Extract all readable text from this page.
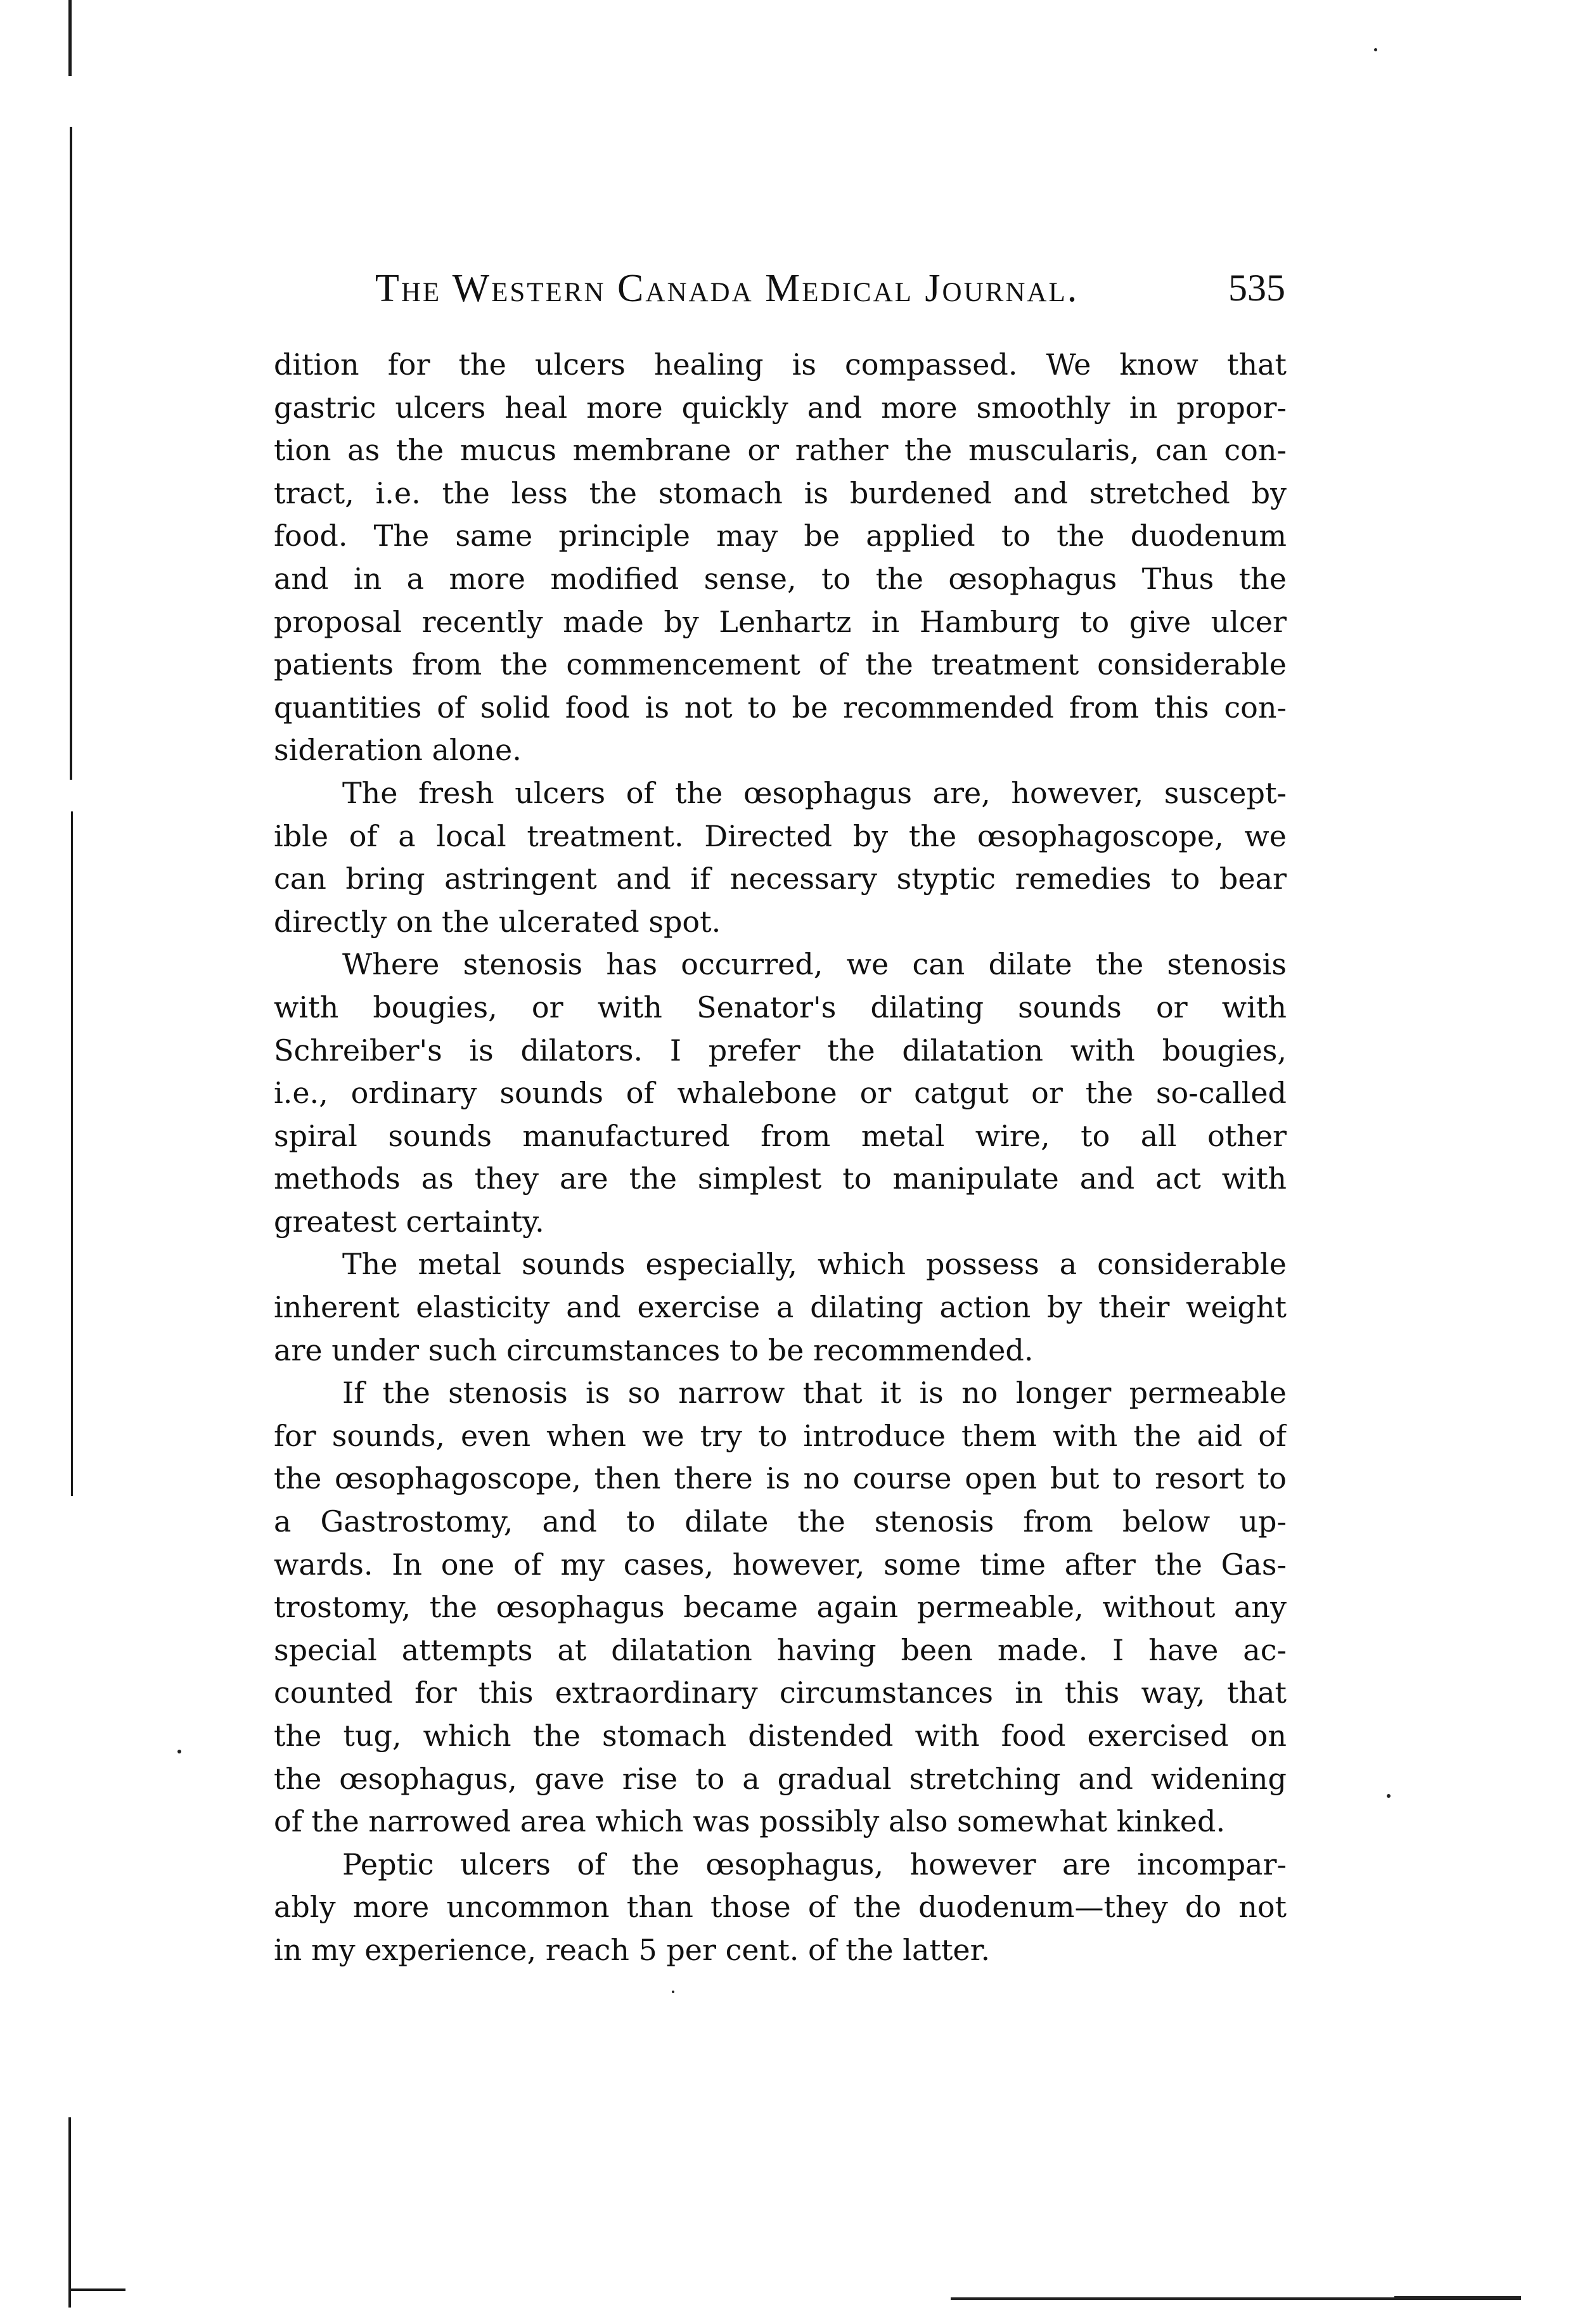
The Western Canada Medical Journal.	535
dition for the ulcers healing is compassed. We know that
gastric ulcers heal more quickly and more smoothly in propor-
tion as the mucus membrane or rather the muscularis, can con-
tract, i.e. the less the stomach is burdened and stretched by
food. The same principle may be applied to the duodenum
and in a more modified sense, to the œsophagus Thus the
proposal recently made by Lenhartz in Hamburg to give ulcer
patients from the commencement of the treatment considerable
quantities of solid food is not to be recommended from this con-
sideration alone.
The fresh ulcers of the œsophagus are, however, suscept-
ible of a local treatment. Directed by the œsophagoscope, we
can bring astringent and if necessary styptic remedies to bear
directly on the ulcerated spot.
Where stenosis has occurred, we can dilate the stenosis
with bougies, or with Senator's dilating sounds or with
Schreiber's is dilators. I prefer the dilatation with bougies,
i.e., ordinary sounds of whalebone or catgut or the so-called
spiral sounds manufactured from metal wire, to all other
methods as they are the simplest to manipulate and act with
greatest certainty.
The metal sounds especially, which possess a considerable
inherent elasticity and exercise a dilating action by their weight
are under such circumstances to be recommended.
If the stenosis is so narrow that it is no longer permeable
for sounds, even when we try to introduce them with the aid of
the œsophagoscope, then there is no course open but to resort to
a Gastrostomy, and to dilate the stenosis from below up-
wards. In one of my cases, however, some time after the Gas-
trostomy, the œsophagus became again permeable, without any
special attempts at dilatation having been made. I have ac-
counted for this extraordinary circumstances in this way, that
the tug, which the stomach distended with food exercised on
the œsophagus, gave rise to a gradual stretching and widening
of the narrowed area which was possibly also somewhat kinked.
Peptic ulcers of the œsophagus, however are incompar-
ably more uncommon than those of the duodenum—they do not
in my experience, reach 5 per cent. of the latter.
